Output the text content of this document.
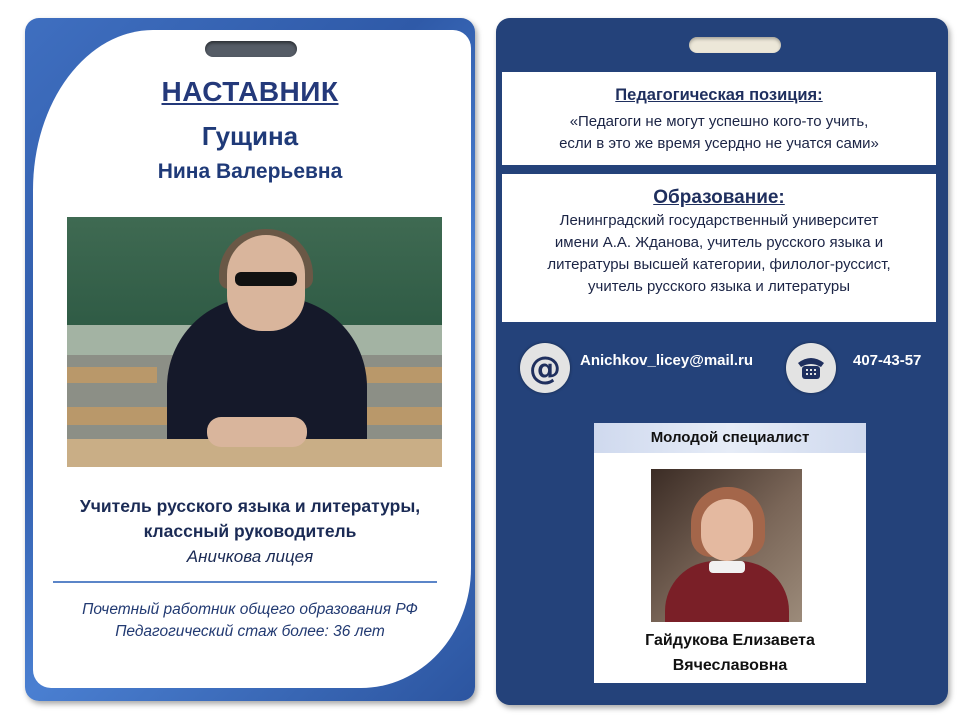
НАСТАВНИК
Гущина
Нина Валерьевна
Учитель русского языка и литературы,
классный руководитель
Аничкова лицея
Почетный работник общего образования РФ
Педагогический стаж более: 36 лет
Педагогическая позиция:
«Педагоги не могут успешно кого-то учить,
если в это же время усердно не учатся сами»
Образование:
Ленинградский государственный университет
имени А.А. Жданова, учитель русского языка и
литературы высшей категории, филолог-руссист,
учитель русского языка и литературы
@	Anichkov_licey@mail.ru	407-43-57
Молодой специалист
Гайдукова Елизавета
Вячеславовна
